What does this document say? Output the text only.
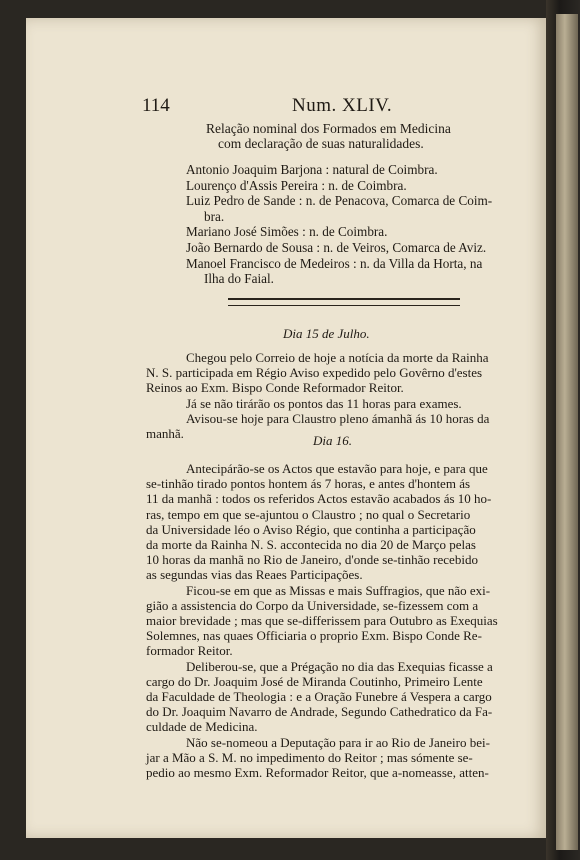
114	Num. XLIV.
Relação nominal dos Formados em Medicina
com declaração de suas naturalidades.
Antonio Joaquim Barjona : natural de Coimbra.
Lourenço d'Assis Pereira : n. de Coimbra.
Luiz Pedro de Sande : n. de Penacova, Comarca de Coim-
bra.
Mariano José Simões : n. de Coimbra.
João Bernardo de Sousa : n. de Veiros, Comarca de Aviz.
Manoel Francisco de Medeiros : n. da Villa da Horta, na
Ilha do Faial.
Dia 15 de Julho.
Chegou pelo Correio de hoje a notícia da morte da Rainha
N. S. participada em Régio Aviso expedido pelo Govêrno d'estes
Reinos ao Exm. Bispo Conde Reformador Reitor.
Já se não tirárão os pontos das 11 horas para exames.
Avisou-se hoje para Claustro pleno ámanhã ás 10 horas da
manhã.	Dia 16.
Antecipárão-se os Actos que estavão para hoje, e para que
se-tinhão tirado pontos hontem ás 7 horas, e antes d'hontem ás
11 da manhã : todos os referidos Actos estavão acabados ás 10 ho-
ras, tempo em que se-ajuntou o Claustro ; no qual o Secretario
da Universidade léo o Aviso Régio, que continha a participação
da morte da Rainha N. S. accontecida no dia 20 de Março pelas
10 horas da manhã no Rio de Janeiro, d'onde se-tinhão recebido
as segundas vias das Reaes Participações.
Ficou-se em que as Missas e mais Suffragios, que não exi-
gião a assistencia do Corpo da Universidade, se-fizessem com a
maior brevidade ; mas que se-differissem para Outubro as Exequias
Solemnes, nas quaes Officiaria o proprio Exm. Bispo Conde Re-
formador Reitor.
Deliberou-se, que a Prégação no dia das Exequias ficasse a
cargo do Dr. Joaquim José de Miranda Coutinho, Primeiro Lente
da Faculdade de Theologia : e a Oração Funebre á Vespera a cargo
do Dr. Joaquim Navarro de Andrade, Segundo Cathedratico da Fa-
culdade de Medicina.
Não se-nomeou a Deputação para ir ao Rio de Janeiro bei-
jar a Mão a S. M. no impedimento do Reitor ; mas sómente se-
pedio ao mesmo Exm. Reformador Reitor, que a-nomeasse, atten-
